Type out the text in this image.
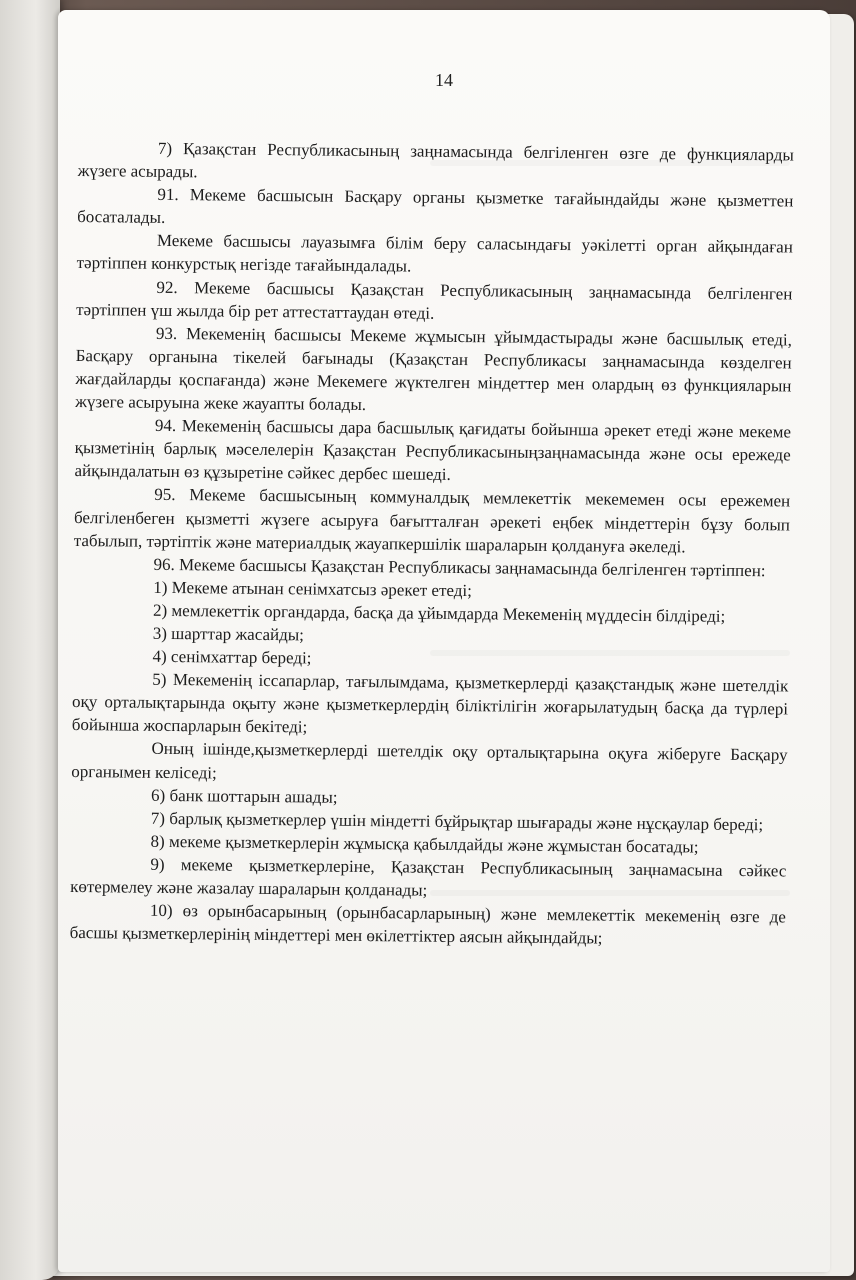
14

7) Қазақстан Республикасының заңнамасында белгіленген өзге де функцияларды жүзеге асырады.

91. Мекеме басшысын Басқару органы қызметке тағайындайды және қызметтен босаталады.

Мекеме басшысы лауазымға білім беру саласындағы уәкілетті орган айқындаған тәртіппен конкурстық негізде тағайындалады.

92. Мекеме басшысы Қазақстан Республикасының заңнамасында белгіленген тәртіппен үш жылда бір рет аттестаттаудан өтеді.

93. Мекеменің басшысы Мекеме жұмысын ұйымдастырады және басшылық етеді, Басқару органына тікелей бағынады (Қазақстан Республикасы заңнамасында көзделген жағдайларды қоспағанда) және Мекемеге жүктелген міндеттер мен олардың өз функцияларын жүзеге асыруына жеке жауапты болады.

94. Мекеменің басшысы дара басшылық қағидаты бойынша әрекет етеді және мекеме қызметінің барлық мәселелерін Қазақстан Республикасыныңзаңнамасында және осы ережеде айқындалатын өз құзыретіне сәйкес дербес шешеді.

95. Мекеме басшысының коммуналдық мемлекеттік мекемемен осы ережемен белгіленбеген қызметті жүзеге асыруға бағытталған әрекеті еңбек міндеттерін бұзу болып табылып, тәртіптік және материалдық жауапкершілік шараларын қолдануға әкеледі.

96. Мекеме басшысы Қазақстан Республикасы заңнамасында белгіленген тәртіппен:

1) Мекеме атынан сенімхатсыз әрекет етеді;

2) мемлекеттік органдарда, басқа да ұйымдарда Мекеменің мүддесін білдіреді;

3) шарттар жасайды;

4) сенімхаттар береді;

5) Мекеменің іссапарлар, тағылымдама, қызметкерлерді қазақстандық және шетелдік оқу орталықтарында оқыту және қызметкерлердің біліктілігін жоғарылатудың басқа да түрлері бойынша жоспарларын бекітеді;

Оның ішінде,қызметкерлерді шетелдік оқу орталықтарына оқуға жіберуге Басқару органымен келіседі;

6) банк шоттарын ашады;

7) барлық қызметкерлер үшін міндетті бұйрықтар шығарады және нұсқаулар береді;

8) мекеме қызметкерлерін жұмысқа қабылдайды және жұмыстан босатады;

9) мекеме қызметкерлеріне, Қазақстан Республикасының заңнамасына сәйкес көтермелеу және жазалау шараларын қолданады;

10) өз орынбасарының (орынбасарларының) және мемлекеттік мекеменің өзге де басшы қызметкерлерінің міндеттері мен өкілеттіктер аясын айқындайды;
